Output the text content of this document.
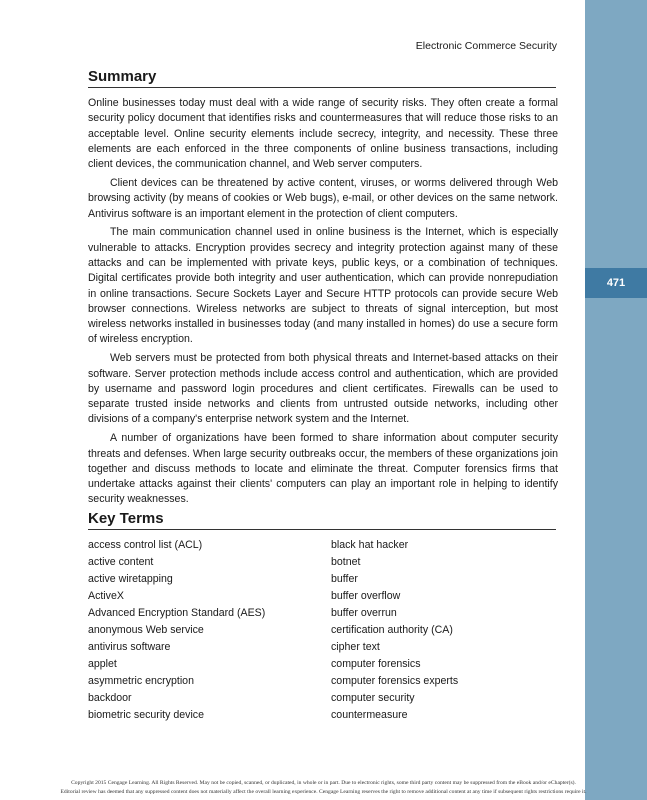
471
Electronic Commerce Security
Summary

Online businesses today must deal with a wide range of security risks. They often create a formal security policy document that identifies risks and countermeasures that will reduce those risks to an acceptable level. Online security elements include secrecy, integrity, and necessity. These three elements are each enforced in the three components of online business transactions, including client devices, the communication channel, and Web server computers.

Client devices can be threatened by active content, viruses, or worms delivered through Web browsing activity (by means of cookies or Web bugs), e-mail, or other devices on the same network. Antivirus software is an important element in the protection of client computers.

The main communication channel used in online business is the Internet, which is especially vulnerable to attacks. Encryption provides secrecy and integrity protection against many of these attacks and can be implemented with private keys, public keys, or a combination of techniques. Digital certificates provide both integrity and user authentication, which can provide nonrepudiation in online transactions. Secure Sockets Layer and Secure HTTP protocols can provide secure Web browser connections. Wireless networks are subject to threats of signal interception, but most wireless networks installed in businesses today (and many installed in homes) do use a secure form of wireless encryption.

Web servers must be protected from both physical threats and Internet-based attacks on their software. Server protection methods include access control and authentication, which are provided by username and password login procedures and client certificates. Firewalls can be used to separate trusted inside networks and clients from untrusted outside networks, including other divisions of a company's enterprise network system and the Internet.

A number of organizations have been formed to share information about computer security threats and defenses. When large security outbreaks occur, the members of these organizations join together and discuss methods to locate and eliminate the threat. Computer forensics firms that undertake attacks against their clients' computers can play an important role in helping to identify security weaknesses.

Key Terms
access control list (ACL)
active content
active wiretapping
ActiveX
Advanced Encryption Standard (AES)
anonymous Web service
antivirus software
applet
asymmetric encryption
backdoor
biometric security device
black hat hacker
botnet
buffer
buffer overflow
buffer overrun
certification authority (CA)
cipher text
computer forensics
computer forensics experts
computer security
countermeasure
Copyright 2015 Cengage Learning. All Rights Reserved. May not be copied, scanned, or duplicated, in whole or in part. Due to electronic rights, some third party content may be suppressed from the eBook and/or eChapter(s).
Editorial review has deemed that any suppressed content does not materially affect the overall learning experience. Cengage Learning reserves the right to remove additional content at any time if subsequent rights restrictions require it.
